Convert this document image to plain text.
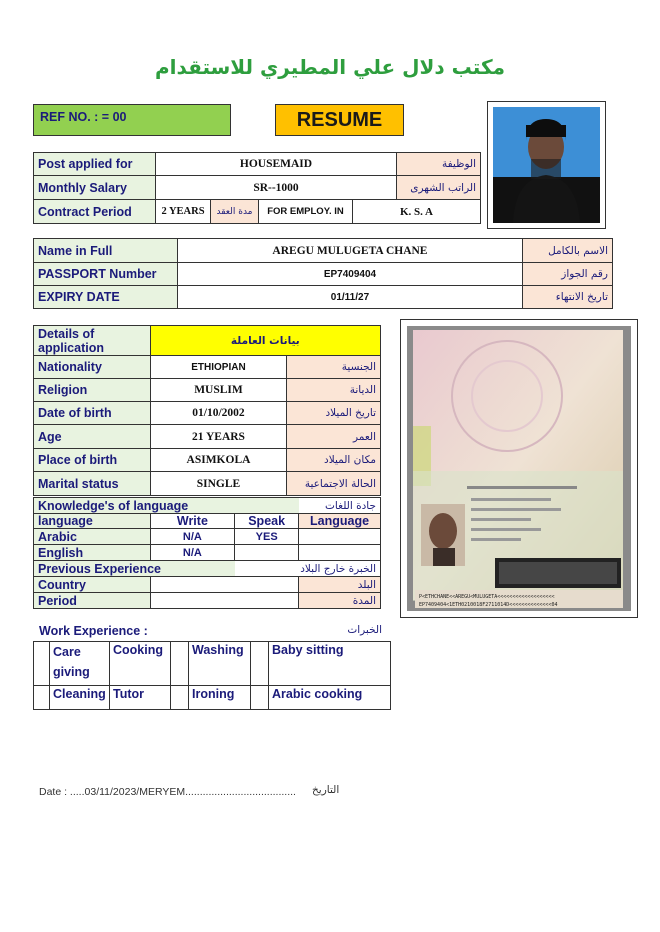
مكتب دلال علي المطيري للاستقدام
REF NO. : = 00	RESUME
Post applied for	HOUSEMAID				الوظيفة
Monthly Salary	SR--1000				الراتب الشهرى
Contract Period	2 YEARS	مدة العقد	FOR EMPLOY. IN	K. S. A	
Name in Full	AREGU MULUGETA CHANE	الاسم بالكامل
PASSPORT Number	EP7409404	رقم الجواز
EXPIRY DATE	01/11/27	تاريخ الانتهاء
Details of application	بيانات العاملة	
Nationality	ETHIOPIAN	الجنسية
Religion	MUSLIM	الديانة
Date of birth	01/10/2002	تاريخ الميلاد
Age	21 YEARS	العمر
Place of birth	ASIMKOLA	مكان الميلاد
Marital status	SINGLE	الحالة الاجتماعية
Knowledge's of language			جادة اللغات
language	Write	Speak	Language
Arabic	N/A	YES	
English	N/A		
Previous Experience		الخبرة خارج البلاد	
Country			البلد
Period			المدة	P<ETHCHANE<<AREGU<MULUGETA<<<<<<<<<<<<<<<<<<<
EP7409404<1ETH0210018F2711014D<<<<<<<<<<<<<<04
Work Experience :	الخبرات
	Care giving	Cooking		Washing		Baby sitting
	Cleaning	Tutor		Ironing		Arabic cooking
Date : .....03/11/2023/MERYEM...................................... التاريخ
